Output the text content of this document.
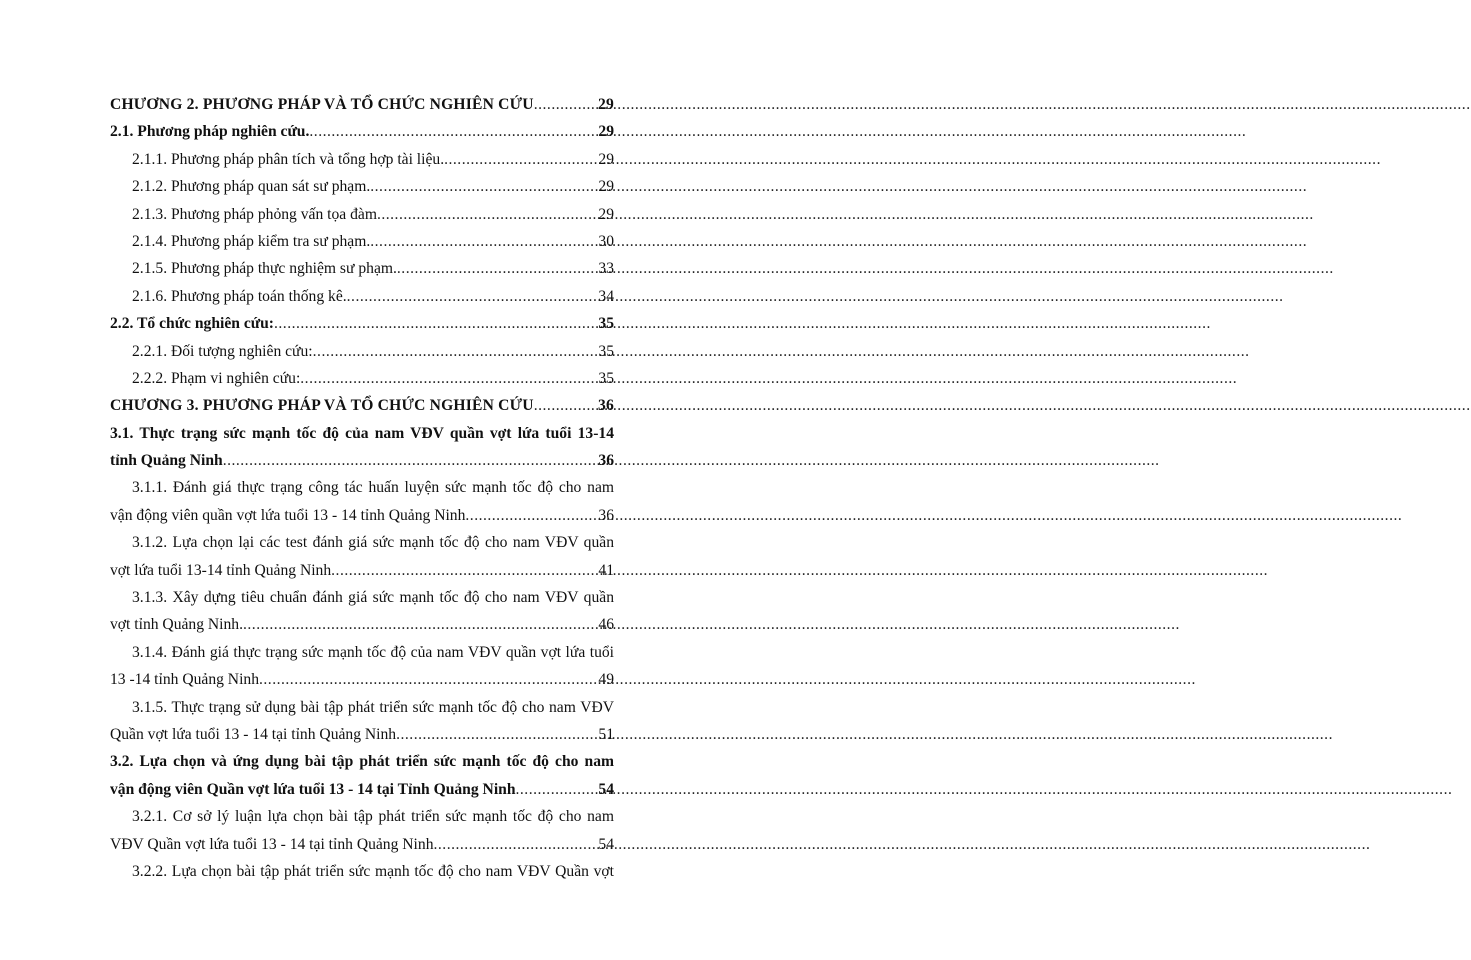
CHƯƠNG 2. PHƯƠNG PHÁP VÀ TỔ CHỨC NGHIÊN CỨU .....	29
2.1. Phương pháp nghiên cứu. .....	29
2.1.1. Phương pháp phân tích và tổng hợp tài liệu. .....	29
2.1.2. Phương pháp quan sát sư phạm. .....	29
2.1.3. Phương pháp phỏng vấn tọa đàm .....	29
2.1.4. Phương pháp kiểm tra sư phạm. .....	30
2.1.5. Phương pháp thực nghiệm sư phạm. .....	33
2.1.6. Phương pháp toán thống kê. .....	34
2.2. Tổ chức nghiên cứu: .....	35
2.2.1. Đối tượng nghiên cứu: .....	35
2.2.2. Phạm vi nghiên cứu: .....	35
CHƯƠNG 3. PHƯƠNG PHÁP VÀ TỔ CHỨC NGHIÊN CỨU .....	36
3.1. Thực trạng sức mạnh tốc độ của nam VĐV quần vợt lứa tuổi 13-14
tỉnh Quảng Ninh .....	36
3.1.1. Đánh giá thực trạng công tác huấn luyện sức mạnh tốc độ cho nam
vận động viên quần vợt lứa tuổi 13 - 14 tỉnh Quảng Ninh .....	36
3.1.2. Lựa chọn lại các test đánh giá sức mạnh tốc độ cho nam VĐV quần
vợt lứa tuổi 13-14 tỉnh Quảng Ninh .....	41
3.1.3. Xây dựng tiêu chuẩn đánh giá sức mạnh tốc độ cho nam VĐV quần
vợt tỉnh Quảng Ninh. .....	46
3.1.4. Đánh giá thực trạng sức mạnh tốc độ của nam VĐV quần vợt lứa tuổi
13 -14 tỉnh Quảng Ninh .....	49
3.1.5. Thực trạng sử dụng bài tập phát triển sức mạnh tốc độ cho nam VĐV
Quần vợt lứa tuổi 13 - 14 tại tỉnh Quảng Ninh .....	51
3.2. Lựa chọn và ứng dụng bài tập phát triển sức mạnh tốc độ cho nam
vận động viên Quần vợt lứa tuổi 13 - 14 tại Tỉnh Quảng Ninh .....	54
3.2.1. Cơ sở lý luận lựa chọn bài tập phát triển sức mạnh tốc độ cho nam
VĐV Quần vợt lứa tuổi 13 - 14 tại tỉnh Quảng Ninh .....	54
3.2.2. Lựa chọn bài tập phát triển sức mạnh tốc độ cho nam VĐV Quần vợt
